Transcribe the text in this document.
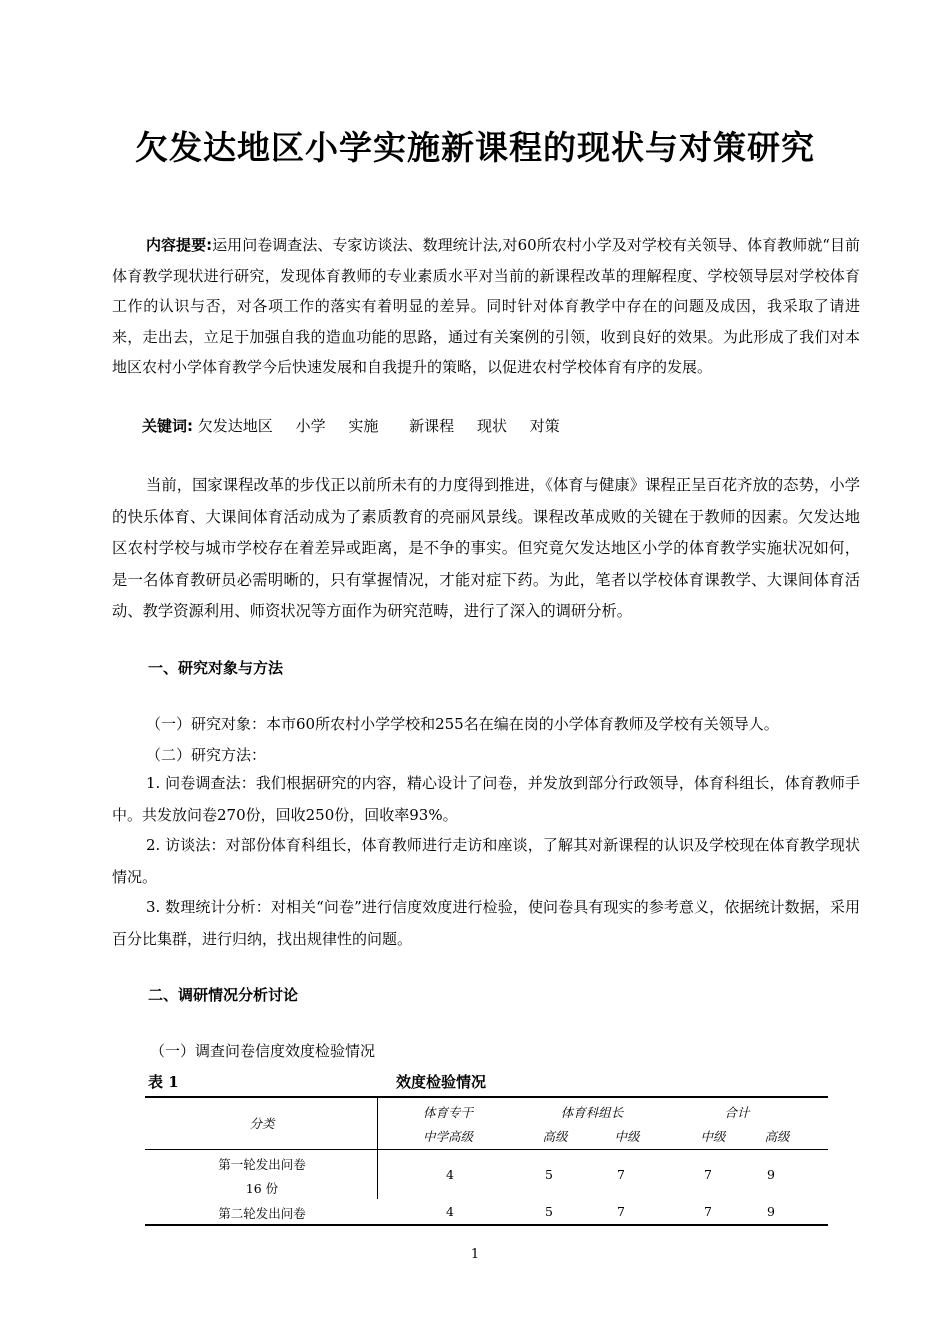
欠发达地区小学实施新课程的现状与对策研究
内容提要:运用问卷调查法、专家访谈法、数理统计法,对60所农村小学及对学校有关领导、体育教师就“目前体育教学现状进行研究，发现体育教师的专业素质水平对当前的新课程改革的理解程度、学校领导层对学校体育工作的认识与否，对各项工作的落实有着明显的差异。同时针对体育教学中存在的问题及成因，我采取了请进来，走出去，立足于加强自我的造血功能的思路，通过有关案例的引领，收到良好的效果。为此形成了我们对本地区农村小学体育教学今后快速发展和自我提升的策略，以促进农村学校体育有序的发展。
关键词: 欠发达地区 小学 实施 新课程 现状 对策
当前，国家课程改革的步伐正以前所未有的力度得到推进，《体育与健康》课程正呈百花齐放的态势，小学的快乐体育、大课间体育活动成为了素质教育的亮丽风景线。课程改革成败的关键在于教师的因素。欠发达地区农村学校与城市学校存在着差异或距离，是不争的事实。但究竟欠发达地区小学的体育教学实施状况如何，是一名体育教研员必需明晰的，只有掌握情况，才能对症下药。为此，笔者以学校体育课教学、大课间体育活动、教学资源利用、师资状况等方面作为研究范畴，进行了深入的调研分析。
一、研究对象与方法
（一）研究对象：本市60所农村小学学校和255名在编在岗的小学体育教师及学校有关领导人。
（二）研究方法：
1. 问卷调查法：我们根据研究的内容，精心设计了问卷，并发放到部分行政领导，体育科组长，体育教师手中。共发放问卷270份，回收250份，回收率93%。
2. 访谈法：对部份体育科组长，体育教师进行走访和座谈，了解其对新课程的认识及学校现在体育教学现状情况。
3. 数理统计分析：对相关“问卷”进行信度效度进行检验，使问卷具有现实的参考意义，依据统计数据，采用百分比集群，进行归纳，找出规律性的问题。
二、调研情况分析讨论
（一）调查问卷信度效度检验情况
表 1	效度检验情况
分类
体育专干	体育科组长	合计
中学高级	高级	中级	中级	高级
第一轮发出问卷
16 份
4	5	7	7	9
第二轮发出问卷	4	5	7	7	9
1
